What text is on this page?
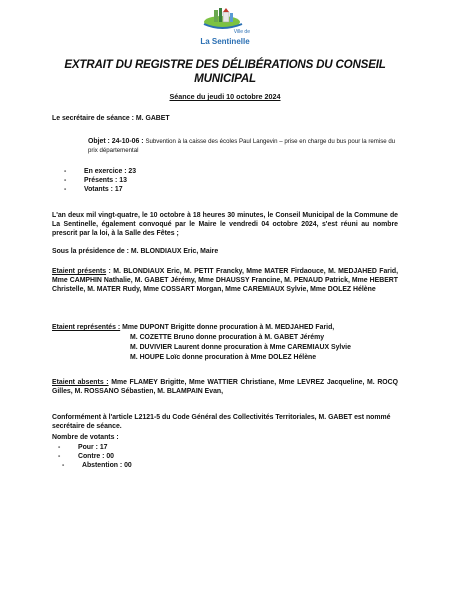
Ville de
La Sentinelle
EXTRAIT DU REGISTRE DES DÉLIBÉRATIONS DU CONSEIL MUNICIPAL
Séance du jeudi 10 octobre 2024
Le secrétaire de séance : M. GABET
Objet : 24-10-06 : Subvention à la caisse des écoles Paul Langevin – prise en charge du bus pour la remise du prix départemental
- En exercice : 23
- Présents : 13
- Votants : 17
L'an deux mil vingt-quatre, le 10 octobre à 18 heures 30 minutes, le Conseil Municipal de la Commune de La Sentinelle, également convoqué par le Maire le vendredi 04 octobre 2024, s'est réuni au nombre prescrit par la loi, à la Salle des Fêtes ;
Sous la présidence de : M. BLONDIAUX Eric, Maire
Etaient présents : M. BLONDIAUX Eric, M. PETIT Francky, Mme MATER Firdaouce, M. MEDJAHED Farid, Mme CAMPHIN Nathalie, M. GABET Jérémy, Mme DHAUSSY Francine, M. PENAUD Patrick, Mme HEBERT Christelle, M. MATER Rudy, Mme COSSART Morgan, Mme CAREMIAUX Sylvie, Mme DOLEZ Hélène
Etaient représentés : Mme DUPONT Brigitte donne procuration à M. MEDJAHED Farid,
M. COZETTE Bruno donne procuration à M. GABET Jérémy
M. DUVIVIER Laurent donne procuration à Mme CAREMIAUX Sylvie
M. HOUPE Loïc donne procuration à Mme DOLEZ Hélène
Etaient absents : Mme FLAMEY Brigitte, Mme WATTIER Christiane, Mme LEVREZ Jacqueline, M. ROCQ Gilles, M. ROSSANO Sébastien, M. BLAMPAIN Evan,
Conformément à l'article L2121-5 du Code Général des Collectivités Territoriales, M. GABET est nommé secrétaire de séance.
Nombre de votants :
- Pour : 17
- Contre : 00
- Abstention : 00
